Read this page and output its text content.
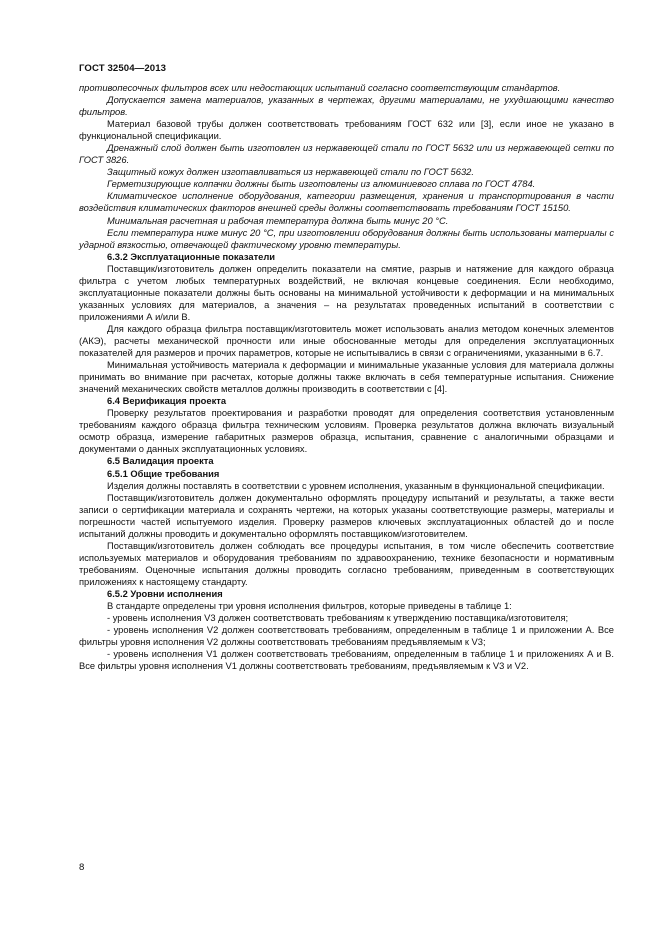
ГОСТ 32504—2013

противопесочных фильтров всех или недостающих испытаний согласно соответствующим стандартов.

Допускается замена материалов, указанных в чертежах, другими материалами, не ухудшающими качество фильтров.

Материал базовой трубы должен соответствовать требованиям ГОСТ 632 или [3], если иное не указано в функциональной спецификации.

Дренажный слой должен быть изготовлен из нержавеющей стали по ГОСТ 5632 или из нержавеющей сетки по ГОСТ 3826.

Защитный кожух должен изготавливаться из нержавеющей стали по ГОСТ 5632.

Герметизирующие колпачки должны быть изготовлены из алюминиевого сплава по ГОСТ 4784.

Климатическое исполнение оборудования, категории размещения, хранения и транспортирования в части воздействия климатических факторов внешней среды должны соответствовать требованиям ГОСТ 15150.

Минимальная расчетная и рабочая температура должна быть минус 20 °С.

Если температура ниже минус 20 °С, при изготовлении оборудования должны быть использованы материалы с ударной вязкостью, отвечающей фактическому уровню температуры.

6.3.2 Эксплуатационные показатели

Поставщик/изготовитель должен определить показатели на смятие, разрыв и натяжение для каждого образца фильтра с учетом любых температурных воздействий, не включая концевые соединения. Если необходимо, эксплуатационные показатели должны быть основаны на минимальной устойчивости к деформации и на минимальных указанных условиях для материалов, а значения – на результатах проведенных испытаний в соответствии с приложениями А и/или В.

Для каждого образца фильтра поставщик/изготовитель может использовать анализ методом конечных элементов (АКЭ), расчеты механической прочности или иные обоснованные методы для определения эксплуатационных показателей для размеров и прочих параметров, которые не испытывались в связи с ограничениями, указанными в 6.7.

Минимальная устойчивость материала к деформации и минимальные указанные условия для материала должны принимать во внимание при расчетах, которые должны также включать в себя температурные испытания. Снижение значений механических свойств металлов должны производить в соответствии с [4].

6.4 Верификация проекта

Проверку результатов проектирования и разработки проводят для определения соответствия установленным требованиям каждого образца фильтра техническим условиям. Проверка результатов должна включать визуальный осмотр образца, измерение габаритных размеров образца, испытания, сравнение с аналогичными образцами и документами о данных эксплуатационных условиях.

6.5 Валидация проекта

6.5.1 Общие требования

Изделия должны поставлять в соответствии с уровнем исполнения, указанным в функциональной спецификации.

Поставщик/изготовитель должен документально оформлять процедуру испытаний и результаты, а также вести записи о сертификации материала и сохранять чертежи, на которых указаны соответствующие размеры, материалы и погрешности частей испытуемого изделия. Проверку размеров ключевых эксплуатационных областей до и после испытаний должны проводить и документально оформлять поставщиком/изготовителем.

Поставщик/изготовитель должен соблюдать все процедуры испытания, в том числе обеспечить соответствие используемых материалов и оборудования требованиям по здравоохранению, технике безопасности и нормативным требованиям. Оценочные испытания должны проводить согласно требованиям, приведенным в соответствующих приложениях к настоящему стандарту.

6.5.2 Уровни исполнения

В стандарте определены три уровня исполнения фильтров, которые приведены в таблице 1:

- уровень исполнения V3 должен соответствовать требованиям к утверждению поставщика/изготовителя;

- уровень исполнения V2 должен соответствовать требованиям, определенным в таблице 1 и приложении А. Все фильтры уровня исполнения V2 должны соответствовать требованиям предъявляемым к V3;

- уровень исполнения V1 должен соответствовать требованиям, определенным в таблице 1 и приложениях А и В. Все фильтры уровня исполнения V1 должны соответствовать требованиям, предъявляемым к V3 и V2.

8
